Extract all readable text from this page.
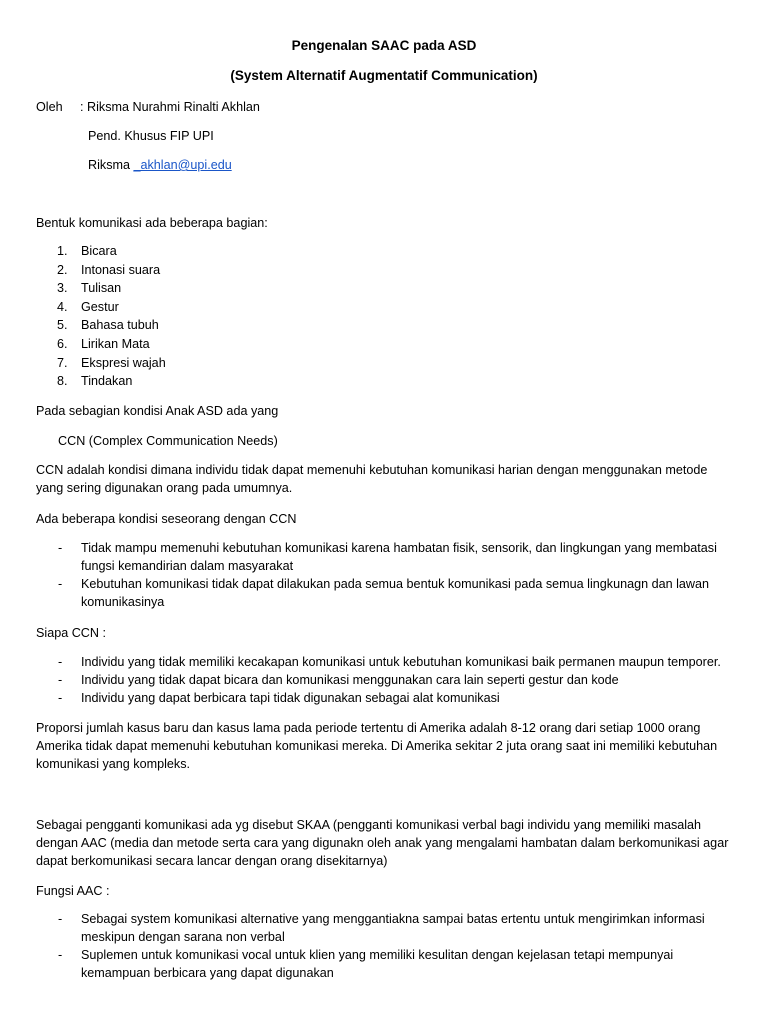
Pengenalan SAAC pada ASD

(System Alternatif Augmentatif Communication)

Oleh : Riksma Nurahmi Rinalti Akhlan

Pend. Khusus FIP UPI

Riksma _akhlan@upi.edu

Bentuk komunikasi ada beberapa bagian:

1. Bicara
2. Intonasi suara
3. Tulisan
4. Gestur
5. Bahasa tubuh
6. Lirikan Mata
7. Ekspresi wajah
8. Tindakan

Pada sebagian kondisi Anak ASD ada yang

CCN (Complex Communication Needs)

CCN adalah kondisi dimana individu tidak dapat memenuhi kebutuhan komunikasi harian dengan menggunakan metode yang sering digunakan orang pada umumnya.

Ada beberapa kondisi seseorang dengan CCN

- Tidak mampu memenuhi kebutuhan komunikasi karena hambatan fisik, sensorik, dan lingkungan yang membatasi fungsi kemandirian dalam masyarakat
- Kebutuhan komunikasi tidak dapat dilakukan pada semua bentuk komunikasi pada semua lingkunagn dan lawan komunikasinya

Siapa CCN :

- Individu yang tidak memiliki kecakapan komunikasi untuk kebutuhan komunikasi baik permanen maupun temporer.
- Individu yang tidak dapat bicara dan komunikasi menggunakan cara lain seperti gestur dan kode
- Individu yang dapat berbicara tapi tidak digunakan sebagai alat komunikasi

Proporsi jumlah kasus baru dan kasus lama pada periode tertentu di Amerika adalah 8-12 orang dari setiap 1000 orang Amerika tidak dapat memenuhi kebutuhan komunikasi mereka. Di Amerika sekitar 2 juta orang saat ini memiliki kebutuhan komunikasi yang kompleks.

Sebagai pengganti komunikasi ada yg disebut SKAA (pengganti komunikasi verbal bagi individu yang memiliki masalah dengan AAC (media dan metode serta cara yang digunakn oleh anak yang mengalami hambatan dalam berkomunikasi agar dapat berkomunikasi secara lancar dengan orang disekitarnya)

Fungsi AAC :

- Sebagai system komunikasi alternative yang menggantiakna sampai batas ertentu untuk mengirimkan informasi meskipun dengan sarana non verbal
- Suplemen untuk komunikasi vocal untuk klien yang memiliki kesulitan dengan kejelasan tetapi mempunyai kemampuan berbicara yang dapat digunakan
